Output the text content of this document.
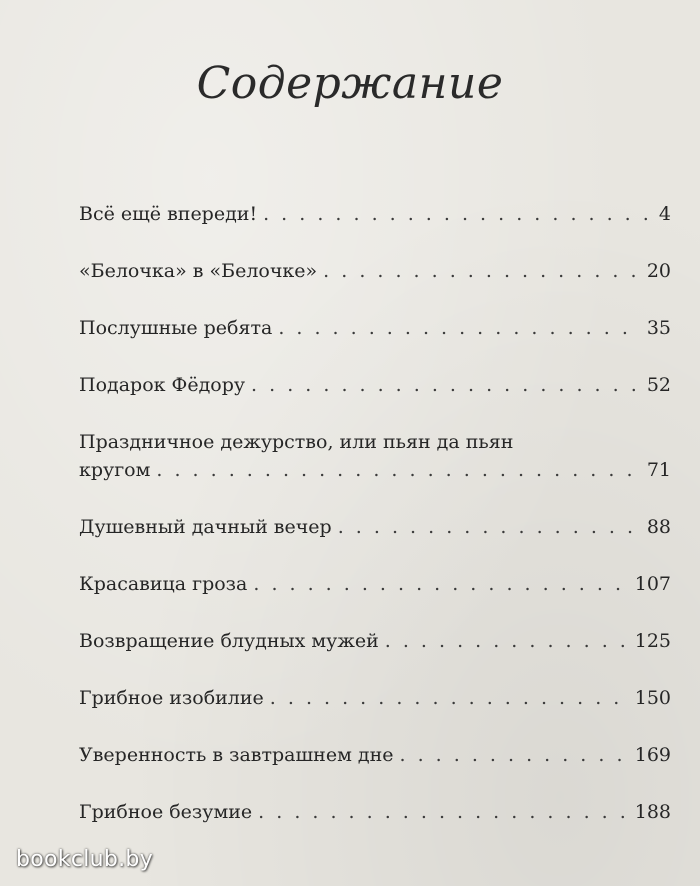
Содержание
Всё ещё впереди! . . .	4
«Белочка» в «Белочке» . . .	20
Послушные ребята . . .	35
Подарок Фёдору . . .	52
Праздничное дежурство, или пьян да пьян
кругом . . .	71
Душевный дачный вечер . . .	88
Красавица гроза . . .	107
Возвращение блудных мужей . . .	125
Грибное изобилие . . .	150
Уверенность в завтрашнем дне . . .	169
Грибное безумие . . .	188
bookclub.by
